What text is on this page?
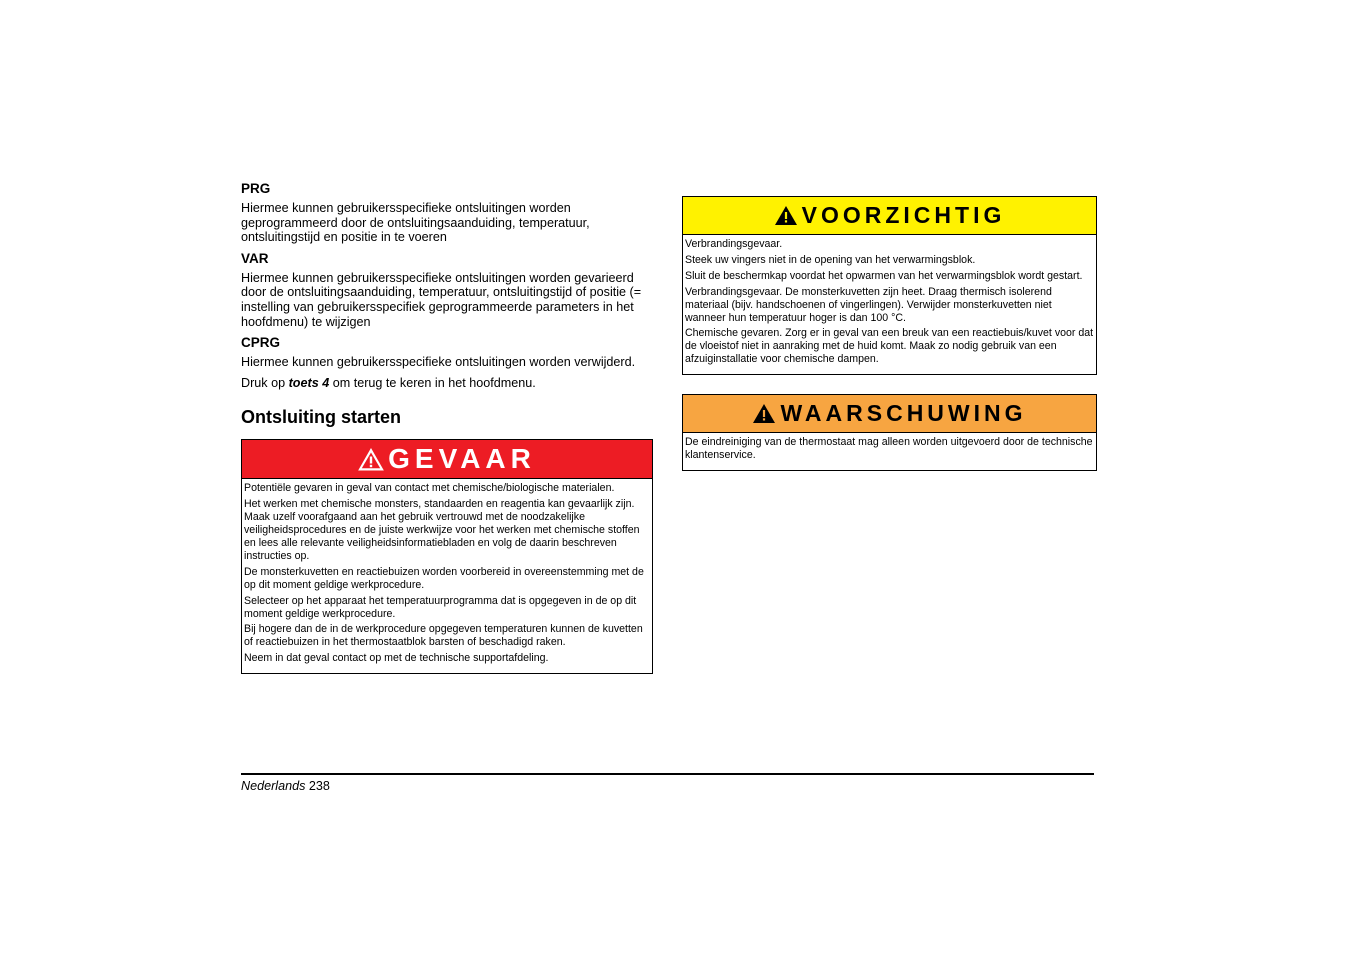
PRG

Hiermee kunnen gebruikersspecifieke ontsluitingen worden geprogrammeerd door de ontsluitingsaanduiding, temperatuur, ontsluitingstijd en positie in te voeren

VAR

Hiermee kunnen gebruikersspecifieke ontsluitingen worden gevarieerd door de ontsluitingsaanduiding, temperatuur, ontsluitingstijd of positie (= instelling van gebruikersspecifiek geprogrammeerde parameters in het hoofdmenu) te wijzigen

CPRG

Hiermee kunnen gebruikersspecifieke ontsluitingen worden verwijderd.

Druk op toets 4 om terug te keren in het hoofdmenu.

Ontsluiting starten
GEVAAR

Potentiële gevaren in geval van contact met chemische/biologische materialen.

Het werken met chemische monsters, standaarden en reagentia kan gevaarlijk zijn. Maak uzelf voorafgaand aan het gebruik vertrouwd met de noodzakelijke veiligheidsprocedures en de juiste werkwijze voor het werken met chemische stoffen en lees alle relevante veiligheidsinformatiebladen en volg de daarin beschreven instructies op.

De monsterkuvetten en reactiebuizen worden voorbereid in overeenstemming met de op dit moment geldige werkprocedure.

Selecteer op het apparaat het temperatuurprogramma dat is opgegeven in de op dit moment geldige werkprocedure.

Bij hogere dan de in de werkprocedure opgegeven temperaturen kunnen de kuvetten of reactiebuizen in het thermostaatblok barsten of beschadigd raken.

Neem in dat geval contact op met de technische supportafdeling.

VOORZICHTIG

Verbrandingsgevaar.

Steek uw vingers niet in de opening van het verwarmingsblok.

Sluit de beschermkap voordat het opwarmen van het verwarmingsblok wordt gestart.

Verbrandingsgevaar. De monsterkuvetten zijn heet. Draag thermisch isolerend materiaal (bijv. handschoenen of vingerlingen). Verwijder monsterkuvetten niet wanneer hun temperatuur hoger is dan 100 °C.

Chemische gevaren. Zorg er in geval van een breuk van een reactiebuis/kuvet voor dat de vloeistof niet in aanraking met de huid komt. Maak zo nodig gebruik van een afzuiginstallatie voor chemische dampen.

WAARSCHUWING

De eindreiniging van de thermostaat mag alleen worden uitgevoerd door de technische klantenservice.

Nederlands 238
